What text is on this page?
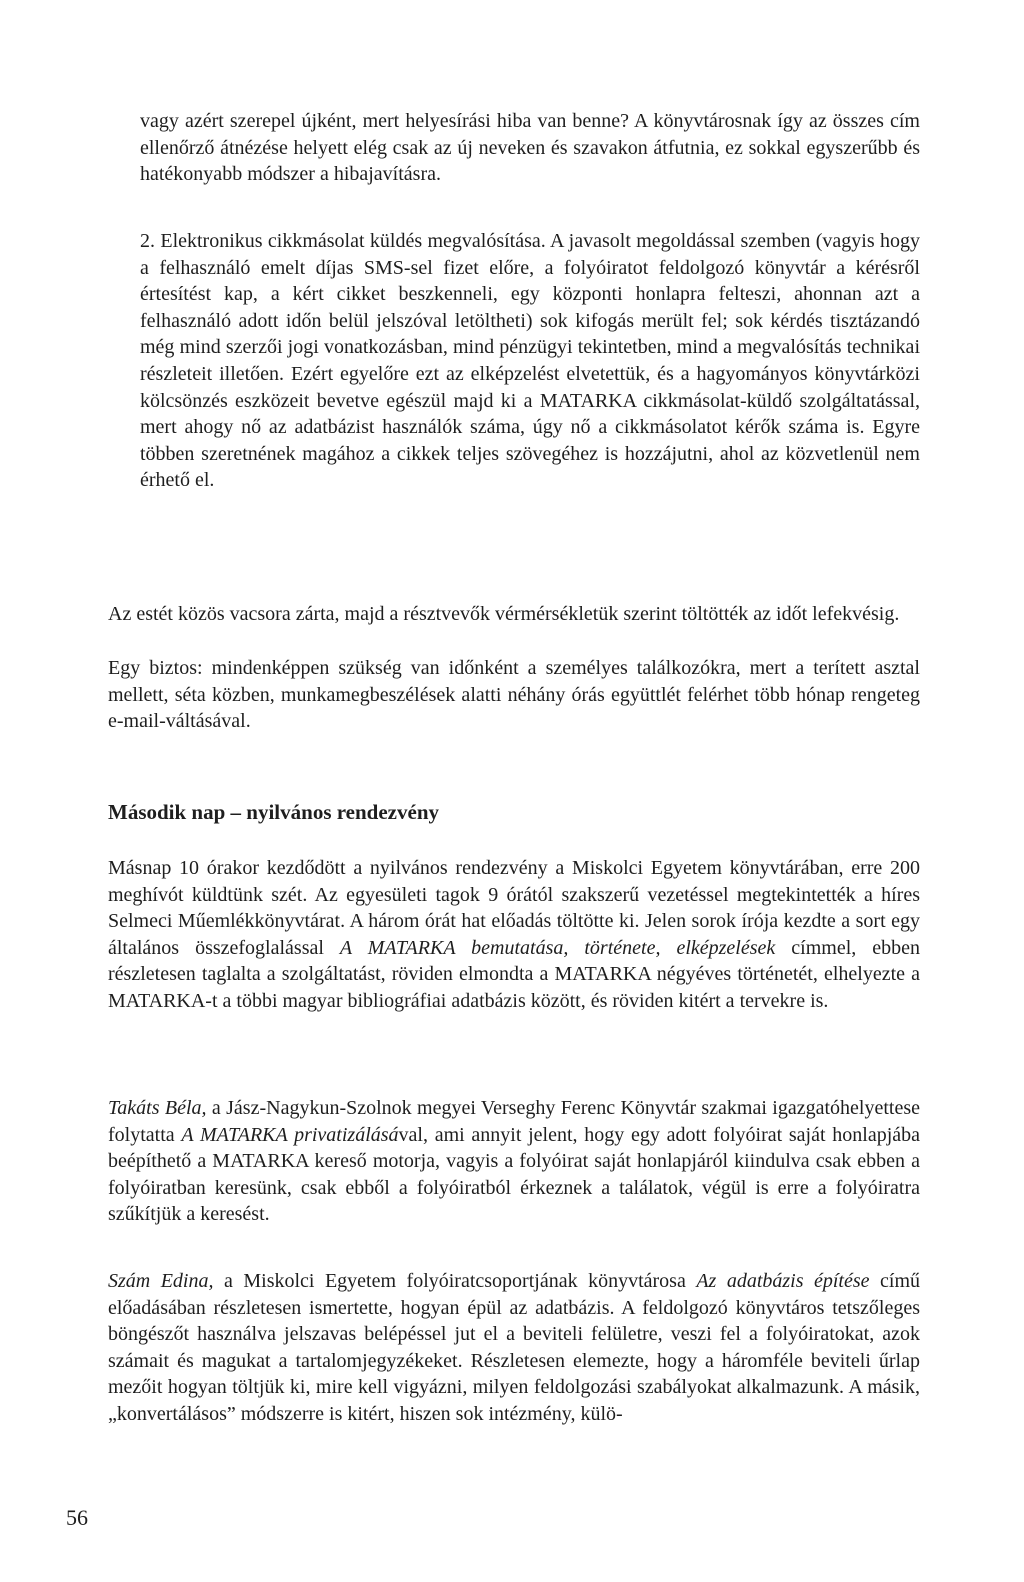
vagy azért szerepel újként, mert helyesírási hiba van benne? A könyvtárosnak így az összes cím ellenőrző átnézése helyett elég csak az új neveken és szavakon átfutnia, ez sokkal egyszerűbb és hatékonyabb módszer a hibajavításra.

2. Elektronikus cikkmásolat küldés megvalósítása. A javasolt megoldással szemben (vagyis hogy a felhasználó emelt díjas SMS-sel fizet előre, a folyóiratot feldolgozó könyvtár a kérésről értesítést kap, a kért cikket beszkenneli, egy központi honlapra felteszi, ahonnan azt a felhasználó adott időn belül jelszóval letöltheti) sok kifogás merült fel; sok kérdés tisztázandó még mind szerzői jogi vonatkozásban, mind pénzügyi tekintetben, mind a megvalósítás technikai részleteit illetően. Ezért egyelőre ezt az elképzelést elvetettük, és a hagyományos könyvtárközi kölcsönzés eszközeit bevetve egészül majd ki a MATARKA cikkmásolat-küldő szolgáltatással, mert ahogy nő az adatbázist használók száma, úgy nő a cikkmásolatot kérők száma is. Egyre többen szeretnének magához a cikkek teljes szövegéhez is hozzájutni, ahol az közvetlenül nem érhető el.

Az estét közös vacsora zárta, majd a résztvevők vérmérsékletük szerint töltötték az időt lefekvésig.

Egy biztos: mindenképpen szükség van időnként a személyes találkozókra, mert a terített asztal mellett, séta közben, munkamegbeszélések alatti néhány órás együttlét felérhet több hónap rengeteg e-mail-váltásával.

Második nap – nyilvános rendezvény

Másnap 10 órakor kezdődött a nyilvános rendezvény a Miskolci Egyetem könyvtárában, erre 200 meghívót küldtünk szét. Az egyesületi tagok 9 órától szakszerű vezetéssel megtekintették a híres Selmeci Műemlékkönyvtárat. A három órát hat előadás töltötte ki. Jelen sorok írója kezdte a sort egy általános összefoglalással A MATARKA bemutatása, története, elképzelések címmel, ebben részletesen taglalta a szolgáltatást, röviden elmondta a MATARKA négyéves történetét, elhelyezte a MATARKA-t a többi magyar bibliográfiai adatbázis között, és röviden kitért a tervekre is.

Takáts Béla, a Jász-Nagykun-Szolnok megyei Verseghy Ferenc Könyvtár szakmai igazgatóhelyettese folytatta A MATARKA privatizálásával, ami annyit jelent, hogy egy adott folyóirat saját honlapjába beépíthető a MATARKA kereső motorja, vagyis a folyóirat saját honlapjáról kiindulva csak ebben a folyóiratban keresünk, csak ebből a folyóiratból érkeznek a találatok, végül is erre a folyóiratra szűkítjük a keresést.

Szám Edina, a Miskolci Egyetem folyóiratcsoportjának könyvtárosa Az adatbázis építése című előadásában részletesen ismertette, hogyan épül az adatbázis. A feldolgozó könyvtáros tetszőleges böngészőt használva jelszavas belépéssel jut el a beviteli felületre, veszi fel a folyóiratokat, azok számait és magukat a tartalomjegyzékeket. Részletesen elemezte, hogy a háromféle beviteli űrlap mezőit hogyan töltjük ki, mire kell vigyázni, milyen feldolgozási szabályokat alkalmazunk. A másik, „konvertálásos” módszerre is kitért, hiszen sok intézmény, külö-

56
